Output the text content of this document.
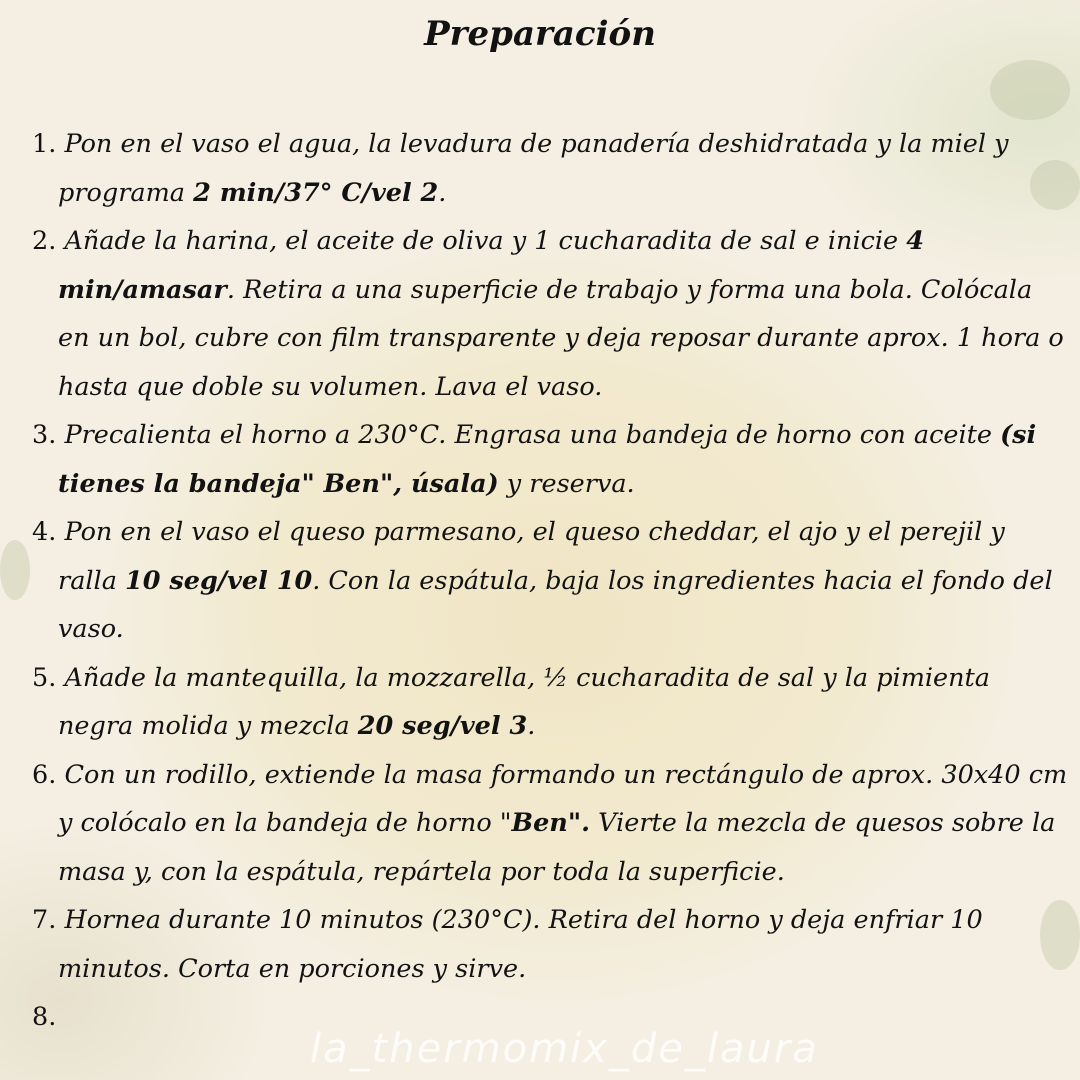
Preparación
1. Pon en el vaso el agua, la levadura de panadería deshidratada y la miel y programa 2 min/37° C/vel 2.
2. Añade la harina, el aceite de oliva y 1 cucharadita de sal e inicie 4 min/amasar. Retira a una superficie de trabajo y forma una bola. Colócala en un bol, cubre con film transparente y deja reposar durante aprox. 1 hora o hasta que doble su volumen. Lava el vaso.
3. Precalienta el horno a 230°C. Engrasa una bandeja de horno con aceite (si tienes la bandeja" Ben", úsala) y reserva.
4. Pon en el vaso el queso parmesano, el queso cheddar, el ajo y el perejil y ralla 10 seg/vel 10. Con la espátula, baja los ingredientes hacia el fondo del vaso.
5. Añade la mantequilla, la mozzarella, ½ cucharadita de sal y la pimienta negra molida y mezcla 20 seg/vel 3.
6. Con un rodillo, extiende la masa formando un rectángulo de aprox. 30x40 cm y colócalo en la bandeja de horno "Ben". Vierte la mezcla de quesos sobre la masa y, con la espátula, repártela por toda la superficie.
7. Hornea durante 10 minutos (230°C). Retira del horno y deja enfriar 10 minutos. Corta en porciones y sirve.
8.
la_thermomix_de_laura
